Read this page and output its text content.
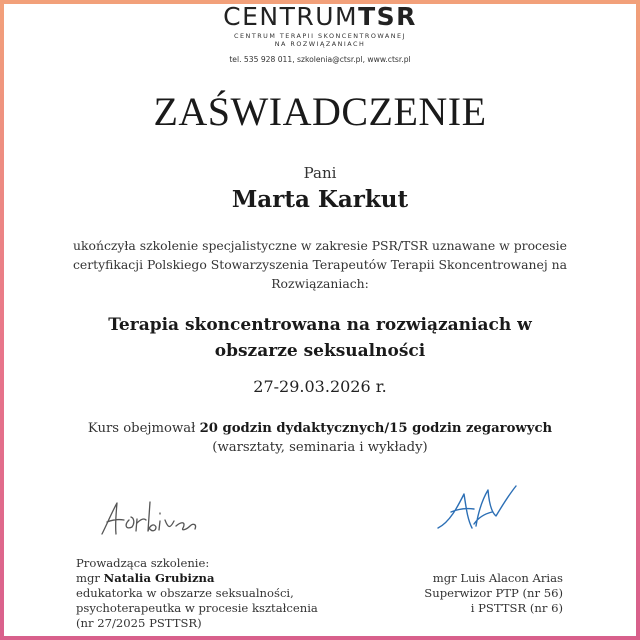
CENTRUMTSR
CENTRUM TERAPII SKONCENTROWANEJ
NA ROZWIĄZANIACH
tel. 535 928 011, szkolenia@ctsr.pl, www.ctsr.pl
ZAŚWIADCZENIE
Pani
Marta Karkut
ukończyła szkolenie specjalistyczne w zakresie PSR/TSR uznawane w procesie
certyfikacji Polskiego Stowarzyszenia Terapeutów Terapii Skoncentrowanej na
Rozwiązaniach:
Terapia skoncentrowana na rozwiązaniach w
obszarze seksualności
27-29.03.2026 r.
Kurs obejmował 20 godzin dydaktycznych/15 godzin zegarowych
(warsztaty, seminaria i wykłady)
Prowadząca szkolenie:
mgr Natalia Grubizna
edukatorka w obszarze seksualności,
psychoterapeutka w procesie kształcenia
(nr 27/2025 PSTTSR)
mgr Luis Alacon Arias
Superwizor PTP (nr 56)
i PSTTSR (nr 6)
